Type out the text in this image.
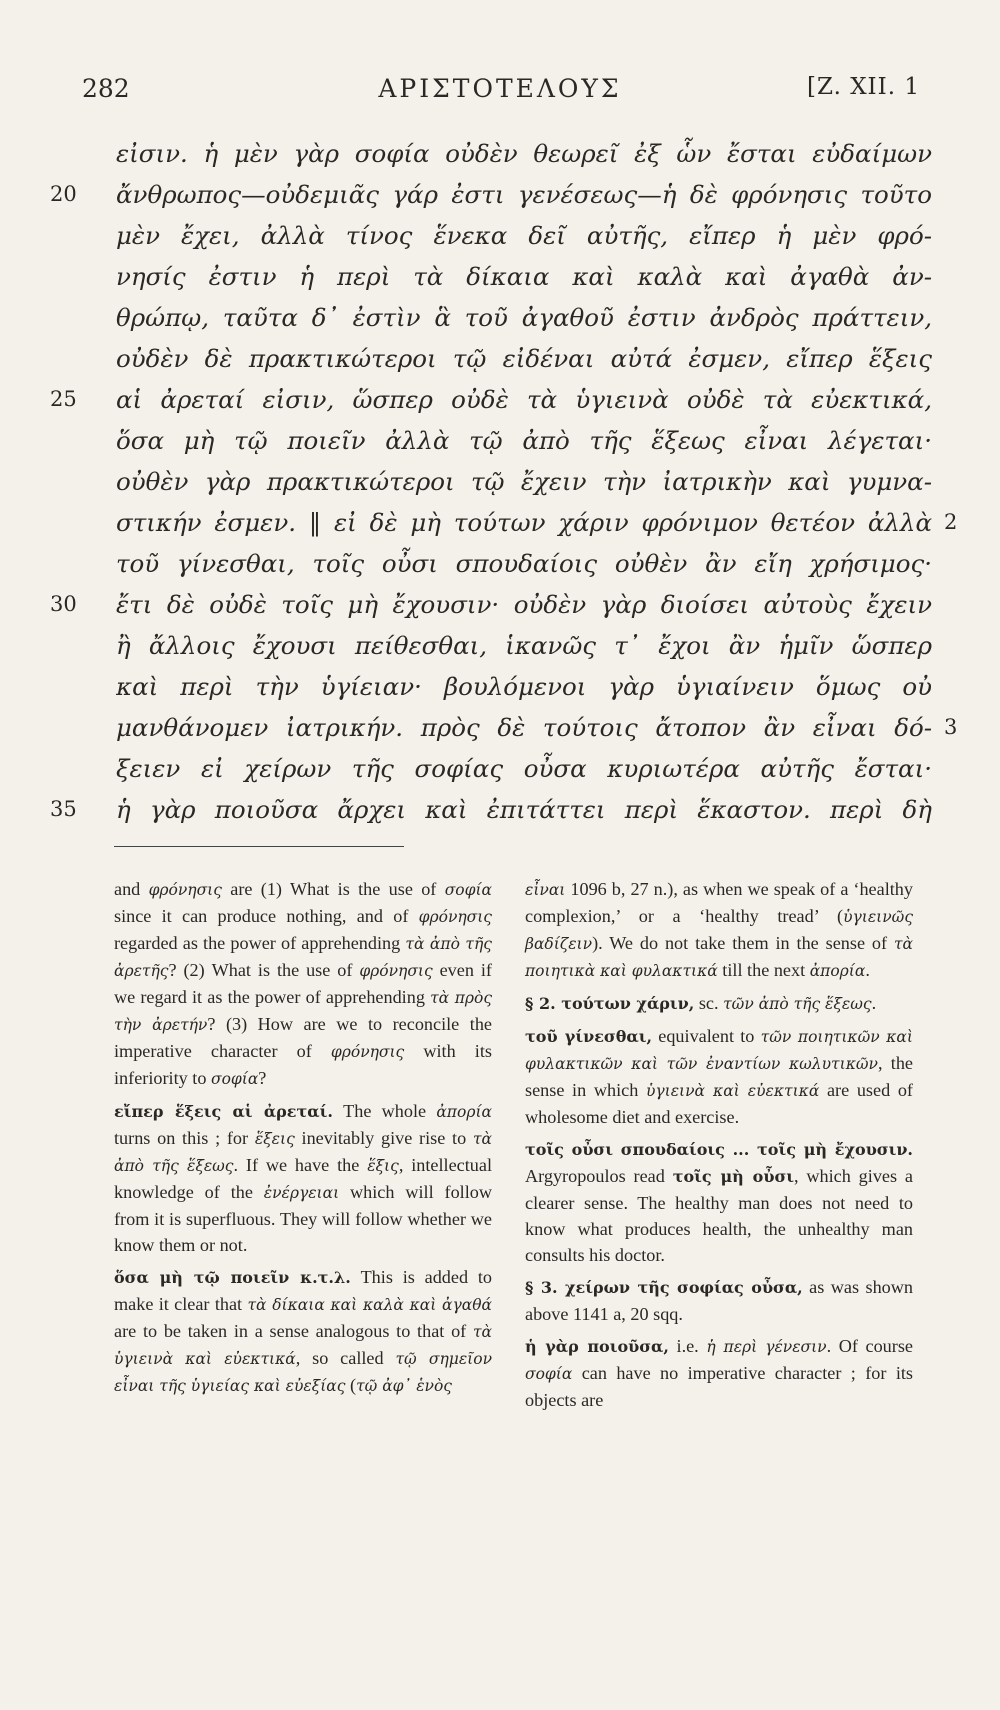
282	ΑΡΙΣΤΟΤΕΛΟΥΣ	[Z. XII. 1
εἰσιν. ἡ μὲν γὰρ σοφία οὐδὲν θεωρεῖ ἐξ ὧν ἔσται εὐδαίμων
20 ἄνθρωπος—οὐδεμιᾶς γάρ ἐστι γενέσεως—ἡ δὲ φρόνησις τοῦτο
μὲν ἔχει, ἀλλὰ τίνος ἕνεκα δεῖ αὐτῆς, εἴπερ ἡ μὲν φρό-
νησίς ἐστιν ἡ περὶ τὰ δίκαια καὶ καλὰ καὶ ἀγαθὰ ἀν-
θρώπῳ, ταῦτα δ᾽ ἐστὶν ἃ τοῦ ἀγαθοῦ ἐστιν ἀνδρὸς πράττειν,
οὐδὲν δὲ πρακτικώτεροι τῷ εἰδέναι αὐτά ἐσμεν, εἴπερ ἕξεις
25 αἱ ἀρεταί εἰσιν, ὥσπερ οὐδὲ τὰ ὑγιεινὰ οὐδὲ τὰ εὐεκτικά,
ὅσα μὴ τῷ ποιεῖν ἀλλὰ τῷ ἀπὸ τῆς ἕξεως εἶναι λέγεται·
οὐθὲν γὰρ πρακτικώτεροι τῷ ἔχειν τὴν ἰατρικὴν καὶ γυμνα-
στικήν ἐσμεν. ‖ εἰ δὲ μὴ τούτων χάριν φρόνιμον θετέον ἀλλὰ 2
τοῦ γίνεσθαι, τοῖς οὖσι σπουδαίοις οὐθὲν ἂν εἴη χρήσιμος·
30 ἔτι δὲ οὐδὲ τοῖς μὴ ἔχουσιν· οὐδὲν γὰρ διοίσει αὐτοὺς ἔχειν
ἢ ἄλλοις ἔχουσι πείθεσθαι, ἱκανῶς τ᾽ ἔχοι ἂν ἡμῖν ὥσπερ
καὶ περὶ τὴν ὑγίειαν· βουλόμενοι γὰρ ὑγιαίνειν ὅμως οὐ
μανθάνομεν ἰατρικήν. πρὸς δὲ τούτοις ἄτοπον ἂν εἶναι δό- 3
ξειεν εἰ χείρων τῆς σοφίας οὖσα κυριωτέρα αὐτῆς ἔσται·
35 ἡ γὰρ ποιοῦσα ἄρχει καὶ ἐπιτάττει περὶ ἕκαστον. περὶ δὴ

and φρόνησις are (1) What is the use of σοφία since it can produce nothing, and of φρόνησις regarded as the power of apprehending τὰ ἀπὸ τῆς ἀρετῆς? (2) What is the use of φρόνησις even if we regard it as the power of apprehending τὰ πρὸς τὴν ἀρετήν? (3) How are we to reconcile the imperative character of φρόνησις with its inferiority to σοφία?

εἴπερ ἕξεις αἱ ἀρεταί. The whole ἀπορία turns on this ; for ἕξεις inevitably give rise to τὰ ἀπὸ τῆς ἕξεως. If we have the ἕξις, intellectual knowledge of the ἐνέργειαι which will follow from it is superfluous. They will follow whether we know them or not.

ὅσα μὴ τῷ ποιεῖν κ.τ.λ. This is added to make it clear that τὰ δίκαια καὶ καλὰ καὶ ἀγαθά are to be taken in a sense analogous to that of τὰ ὑγιεινὰ καὶ εὐεκτικά, so called τῷ σημεῖον εἶναι τῆς ὑγιείας καὶ εὐεξίας (τῷ ἀφ᾽ ἑνὸς

εἶναι 1096 b, 27 n.), as when we speak of a ‘healthy complexion,’ or a ‘healthy tread’ (ὑγιεινῶς βαδίζειν). We do not take them in the sense of τὰ ποιητικὰ καὶ φυλακτικά till the next ἀπορία.

§ 2. τούτων χάριν, sc. τῶν ἀπὸ τῆς ἕξεως.

τοῦ γίνεσθαι, equivalent to τῶν ποιητικῶν καὶ φυλακτικῶν καὶ τῶν ἐναντίων κωλυτικῶν, the sense in which ὑγιεινὰ καὶ εὐεκτικά are used of wholesome diet and exercise.

τοῖς οὖσι σπουδαίοις ... τοῖς μὴ ἔχουσιν. Argyropoulos read τοῖς μὴ οὖσι, which gives a clearer sense. The healthy man does not need to know what produces health, the unhealthy man consults his doctor.

§ 3. χείρων τῆς σοφίας οὖσα, as was shown above 1141 a, 20 sqq.

ἡ γὰρ ποιοῦσα, i.e. ἡ περὶ γένεσιν. Of course σοφία can have no imperative character ; for its objects are
